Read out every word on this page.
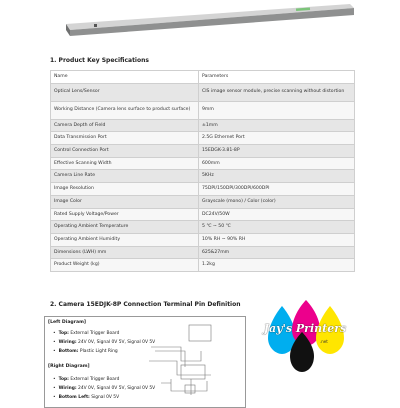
1. Product Key Specifications
Name	Parameters
Optical Lens/Sensor	CIS image sensor module, precise scanning without distortion
Working Distance (Camera lens surface to product surface)	9mm
Camera Depth of Field	±1mm
Data Transmission Port	2.5G Ethernet Port
Control Connection Port	15EDGK-3.81-8P
Effective Scanning Width	600mm
Camera Line Rate	5KHz
Image Resolution	75DPI/150DPI/300DPI/600DPI
Image Color	Grayscale (mono) / Color (color)
Rated Supply Voltage/Power	DC24V/50W
Operating Ambient Temperature	5 ℃ ~ 50 ℃
Operating Ambient Humidity	10% RH ~ 90% RH
Dimensions (LWH) mm	625&27mm
Product Weight (kg)	1.2kg
2. Camera 15EDJK-8P Connection Terminal Pin Definition
[Left Diagram]
• Top: External Trigger Board
• Wiring: 24V 0V, Signal 0V 5V, Signal 0V 5V
• Bottom: Plastic Light Ring
[Right Diagram]
• Top: External Trigger Board
• Wiring: 24V 0V, Signal 0V 5V, Signal 0V 5V
• Bottom Left: Signal 0V 5V
Jay's Printers
.net
